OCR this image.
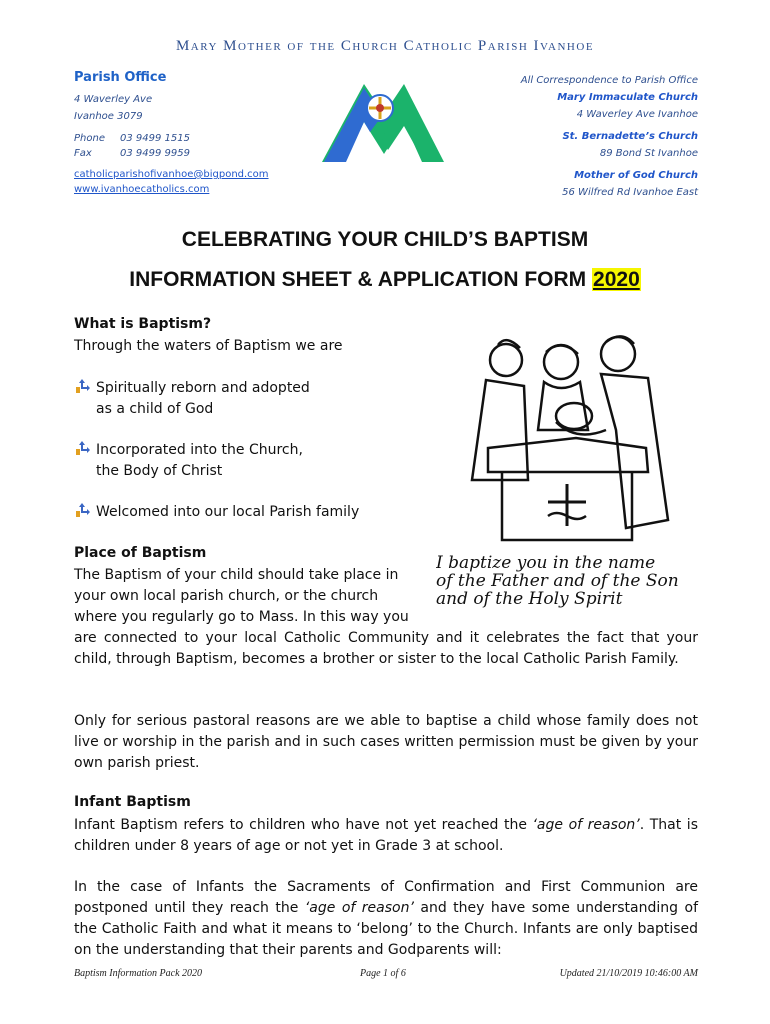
Mary Mother of the Church Catholic Parish Ivanhoe
Parish Office
4 Waverley Ave
Ivanhoe 3079
Phone	03 9499 1515
Fax	03 9499 9959
catholicparishofivanhoe@bigpond.com
www.ivanhoecatholics.com
All Correspondence to Parish Office
Mary Immaculate Church
4 Waverley Ave Ivanhoe
St. Bernadette’s Church
89 Bond St Ivanhoe
Mother of God Church
56 Wilfred Rd Ivanhoe East
CELEBRATING YOUR CHILD’S BAPTISM
INFORMATION SHEET & APPLICATION FORM 2020
What is Baptism?
Through the waters of Baptism we are
Spiritually reborn and adopted
as a child of God
Incorporated into the Church,
the Body of Christ
Welcomed into our local Parish family
I baptize you in the name
of the Father and of the Son
and of the Holy Spirit
Place of Baptism
The Baptism of your child should take place in
your own local parish church, or the church
where you regularly go to Mass. In this way you
are connected to your local Catholic Community and it celebrates the fact that your child, through Baptism, becomes a brother or sister to the local Catholic Parish Family.
Only for serious pastoral reasons are we able to baptise a child whose family does not live or worship in the parish and in such cases written permission must be given by your own parish priest.
Infant Baptism
Infant Baptism refers to children who have not yet reached the ‘age of reason’. That is children under 8 years of age or not yet in Grade 3 at school.
In the case of Infants the Sacraments of Confirmation and First Communion are postponed until they reach the ‘age of reason’ and they have some understanding of the Catholic Faith and what it means to ‘belong’ to the Church. Infants are only baptised on the understanding that their parents and Godparents will:
Baptism Information Pack 2020	Page 1 of 6	Updated 21/10/2019 10:46:00 AM
